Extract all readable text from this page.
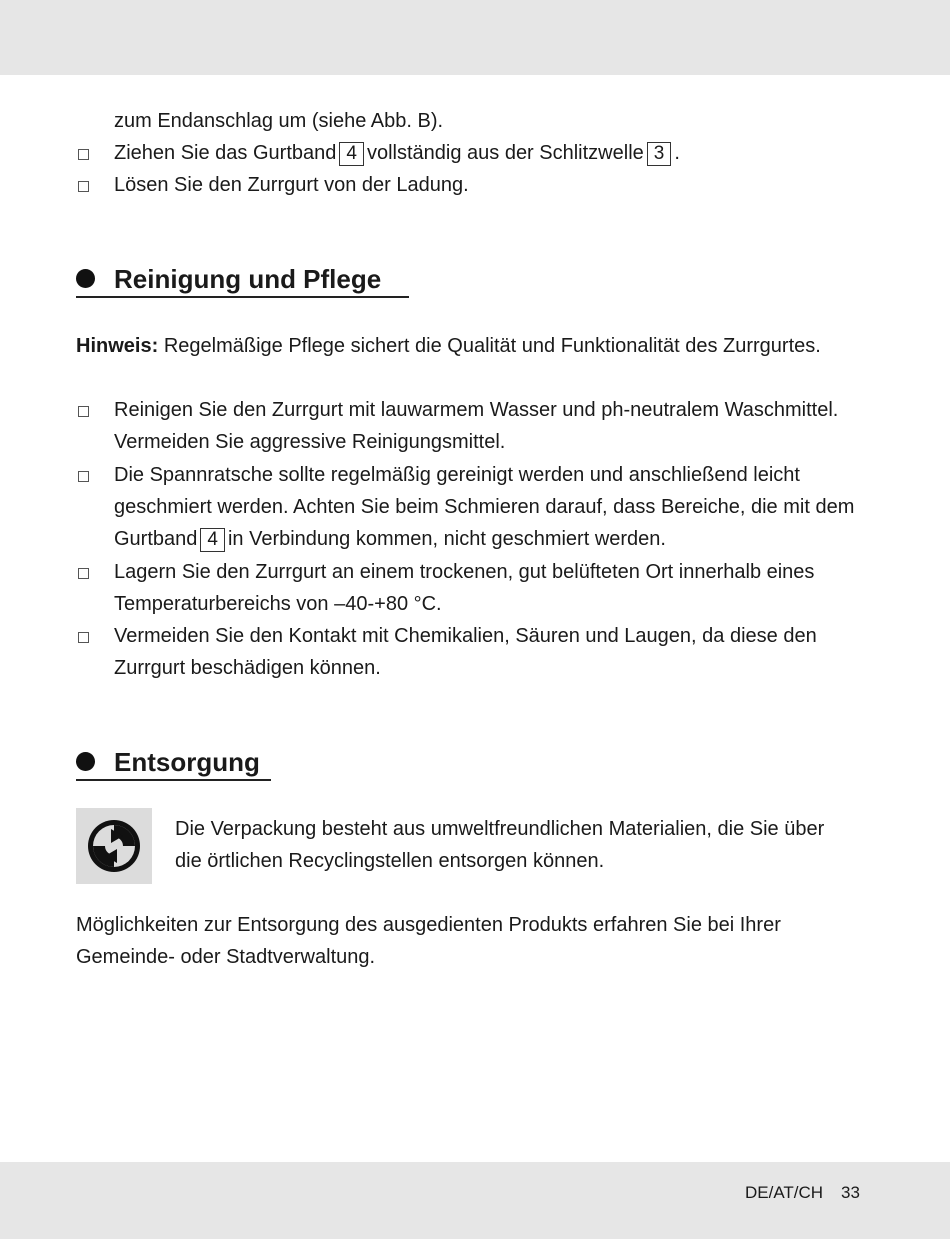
zum Endanschlag um (siehe Abb. B).
Ziehen Sie das Gurtband 4 vollständig aus der Schlitzwelle 3 .
Lösen Sie den Zurrgurt von der Ladung.
Reinigung und Pflege
Hinweis: Regelmäßige Pflege sichert die Qualität und Funktionalität des Zurrgurtes.
Reinigen Sie den Zurrgurt mit lauwarmem Wasser und ph-neutralem Waschmittel.
Vermeiden Sie aggressive Reinigungsmittel.
Die Spannratsche sollte regelmäßig gereinigt werden und anschließend leicht
geschmiert werden. Achten Sie beim Schmieren darauf, dass Bereiche, die mit dem
Gurtband 4 in Verbindung kommen, nicht geschmiert werden.
Lagern Sie den Zurrgurt an einem trockenen, gut belüfteten Ort innerhalb eines
Temperaturbereichs von –40-+80 °C.
Vermeiden Sie den Kontakt mit Chemikalien, Säuren und Laugen, da diese den
Zurrgurt beschädigen können.
Entsorgung
Die Verpackung besteht aus umweltfreundlichen Materialien, die Sie über
die örtlichen Recyclingstellen entsorgen können.
Möglichkeiten zur Entsorgung des ausgedienten Produkts erfahren Sie bei Ihrer
Gemeinde- oder Stadtverwaltung.
DE/AT/CH 33
